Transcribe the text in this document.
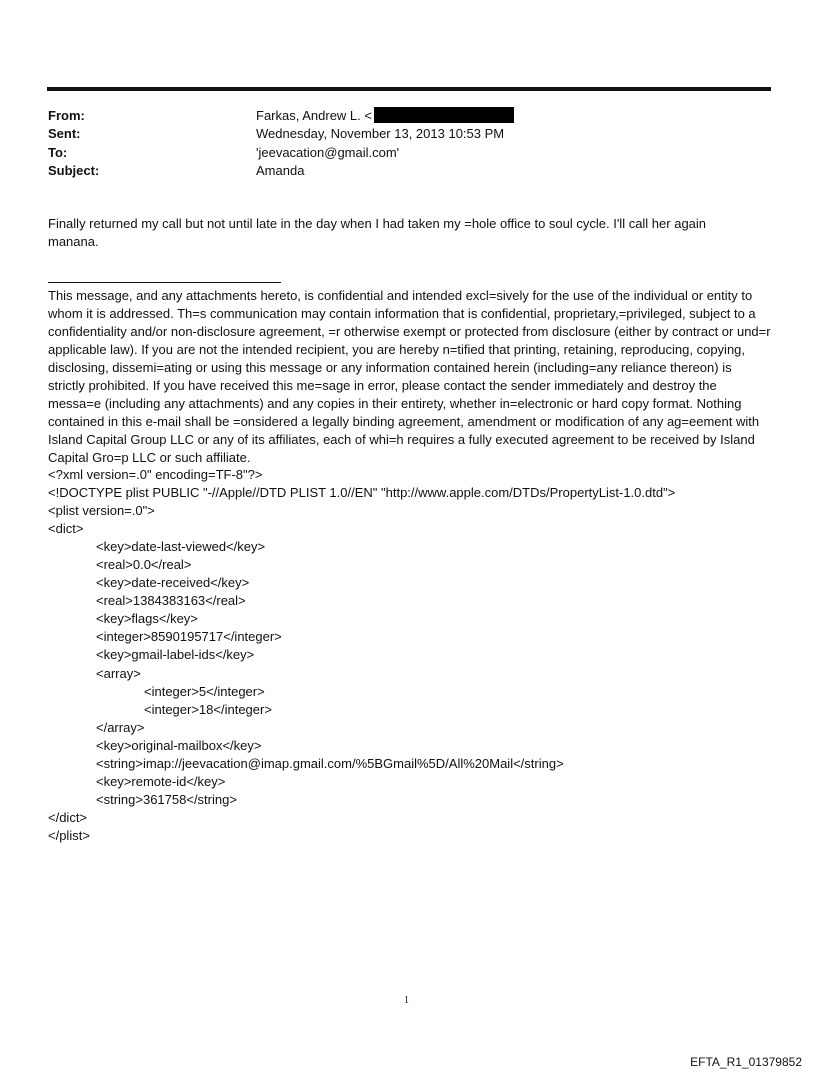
From:	Farkas, Andrew L. <
Sent:	Wednesday, November 13, 2013 10:53 PM
To:	'jeevacation@gmail.com'
Subject:	Amanda

Finally returned my call but not until late in the day when I had taken my =hole office to soul cycle. I'll call her again manana.

This message, and any attachments hereto, is confidential and intended excl=sively for the use of the individual or entity to whom it is addressed. Th=s communication may contain information that is confidential, proprietary,=privileged, subject to a confidentiality and/or non-disclosure agreement, =r otherwise exempt or protected from disclosure (either by contract or und=r applicable law). If you are not the intended recipient, you are hereby n=tified that printing, retaining, reproducing, copying, disclosing, dissemi=ating or using this message or any information contained herein (including=any reliance thereon) is strictly prohibited. If you have received this me=sage in error, please contact the sender immediately and destroy the messa=e (including any attachments) and any copies in their entirety, whether in=electronic or hard copy format. Nothing contained in this e-mail shall be =onsidered a legally binding agreement, amendment or modification of any ag=eement with Island Capital Group LLC or any of its affiliates, each of whi=h requires a fully executed agreement to be received by Island Capital Gro=p LLC or such affiliate.

<?xml version=.0" encoding=TF-8"?>
<!DOCTYPE plist PUBLIC "-//Apple//DTD PLIST 1.0//EN" "http://www.apple.com/DTDs/PropertyList-1.0.dtd">
<plist version=.0">
<dict>
<key>date-last-viewed</key>
<real>0.0</real>
<key>date-received</key>
<real>1384383163</real>
<key>flags</key>
<integer>8590195717</integer>
<key>gmail-label-ids</key>
<array>
<integer>5</integer>
<integer>18</integer>
</array>
<key>original-mailbox</key>
<string>imap://jeevacation@imap.gmail.com/%5BGmail%5D/All%20Mail</string>
<key>remote-id</key>
<string>361758</string>
</dict>
</plist>
1
EFTA_R1_01379852
